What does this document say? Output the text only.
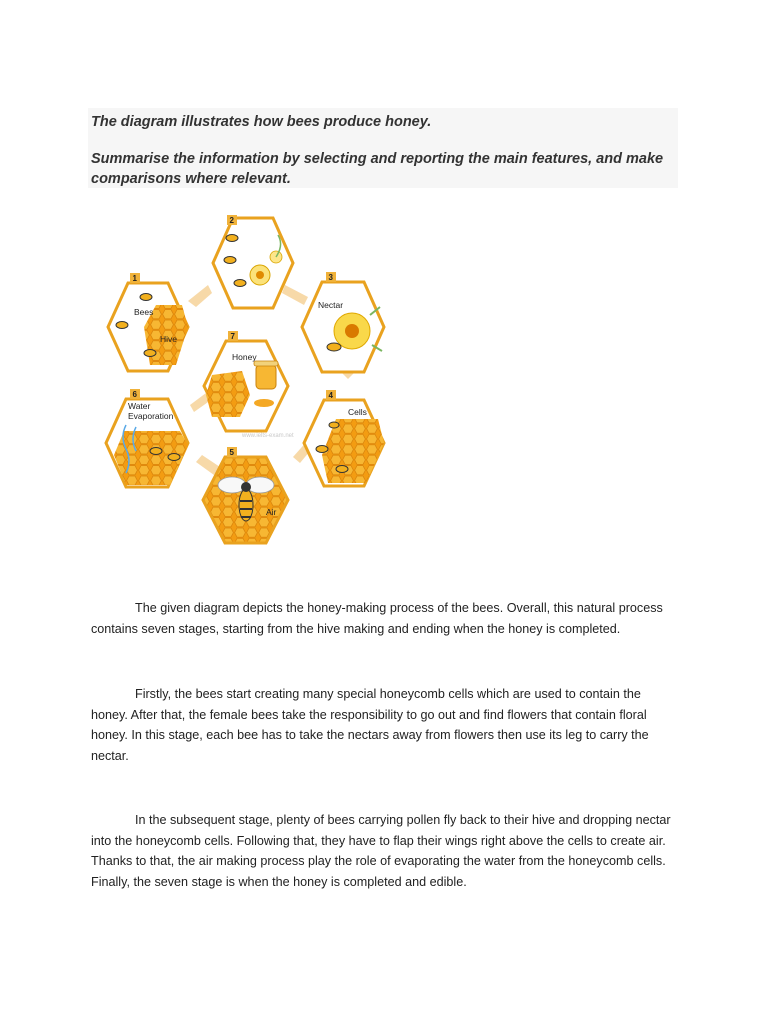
The diagram illustrates how bees produce honey.

Summarise the information by selecting and reporting the main features, and make comparisons where relevant.

2
Bees
Hive
1
Nectar
3
Honey
7
www.ielts-exam.net
Water
Evaporation
6
Cells
4
Air
5

The given diagram depicts the honey-making process of the bees. Overall, this natural process contains seven stages, starting from the hive making and ending when the honey is completed.

Firstly, the bees start creating many special honeycomb cells which are used to contain the honey. After that, the female bees take the responsibility to go out and find flowers that contain floral honey. In this stage, each bee has to take the nectars away from flowers then use its leg to carry the nectar.

In the subsequent stage, plenty of bees carrying pollen fly back to their hive and dropping nectar into the honeycomb cells. Following that, they have to flap their wings right above the cells to create air. Thanks to that, the air making process play the role of evaporating the water from the honeycomb cells. Finally, the seven stage is when the honey is completed and edible.
